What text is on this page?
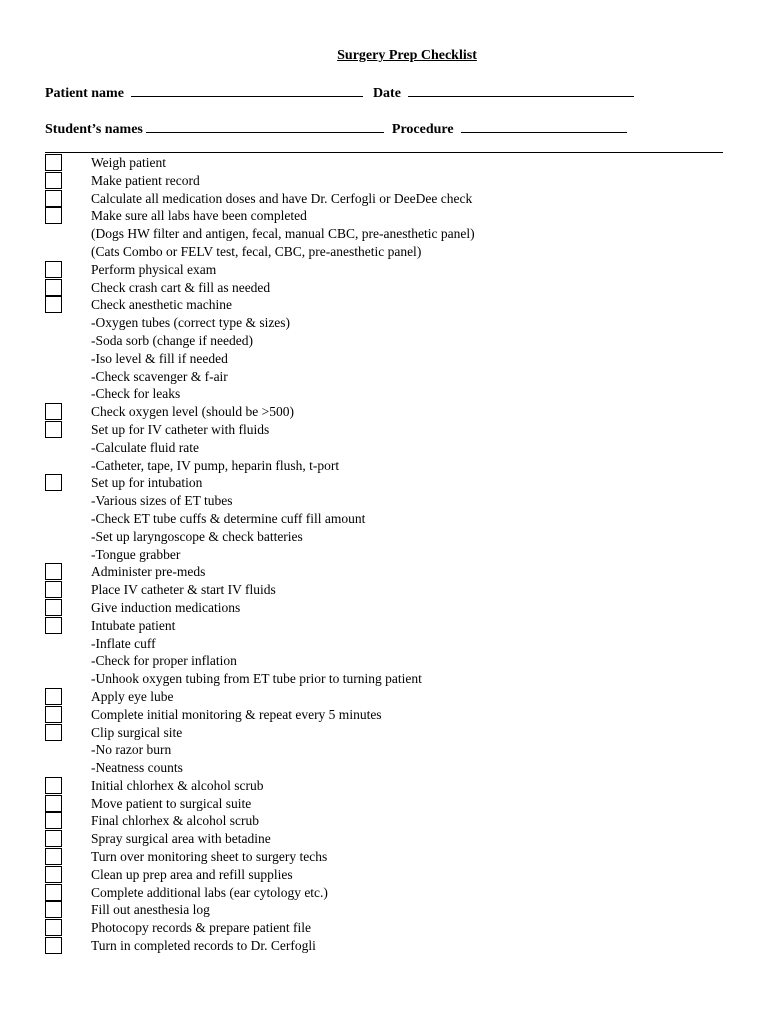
Surgery Prep Checklist
Patient name	Date
Student’s names	Procedure
Weigh patient
Make patient record
Calculate all medication doses and have Dr. Cerfogli or DeeDee check
Make sure all labs have been completed
(Dogs HW filter and antigen, fecal, manual CBC, pre-anesthetic panel)
(Cats Combo or FELV test, fecal, CBC, pre-anesthetic panel)
Perform physical exam
Check crash cart & fill as needed
Check anesthetic machine
-Oxygen tubes (correct type & sizes)
-Soda sorb (change if needed)
-Iso level & fill if needed
-Check scavenger & f-air
-Check for leaks
Check oxygen level (should be >500)
Set up for IV catheter with fluids
-Calculate fluid rate
-Catheter, tape, IV pump, heparin flush, t-port
Set up for intubation
-Various sizes of ET tubes
-Check ET tube cuffs & determine cuff fill amount
-Set up laryngoscope & check batteries
-Tongue grabber
Administer pre-meds
Place IV catheter & start IV fluids
Give induction medications
Intubate patient
-Inflate cuff
-Check for proper inflation
-Unhook oxygen tubing from ET tube prior to turning patient
Apply eye lube
Complete initial monitoring & repeat every 5 minutes
Clip surgical site
-No razor burn
-Neatness counts
Initial chlorhex & alcohol scrub
Move patient to surgical suite
Final chlorhex & alcohol scrub
Spray surgical area with betadine
Turn over monitoring sheet to surgery techs
Clean up prep area and refill supplies
Complete additional labs (ear cytology etc.)
Fill out anesthesia log
Photocopy records & prepare patient file
Turn in completed records to Dr. Cerfogli
